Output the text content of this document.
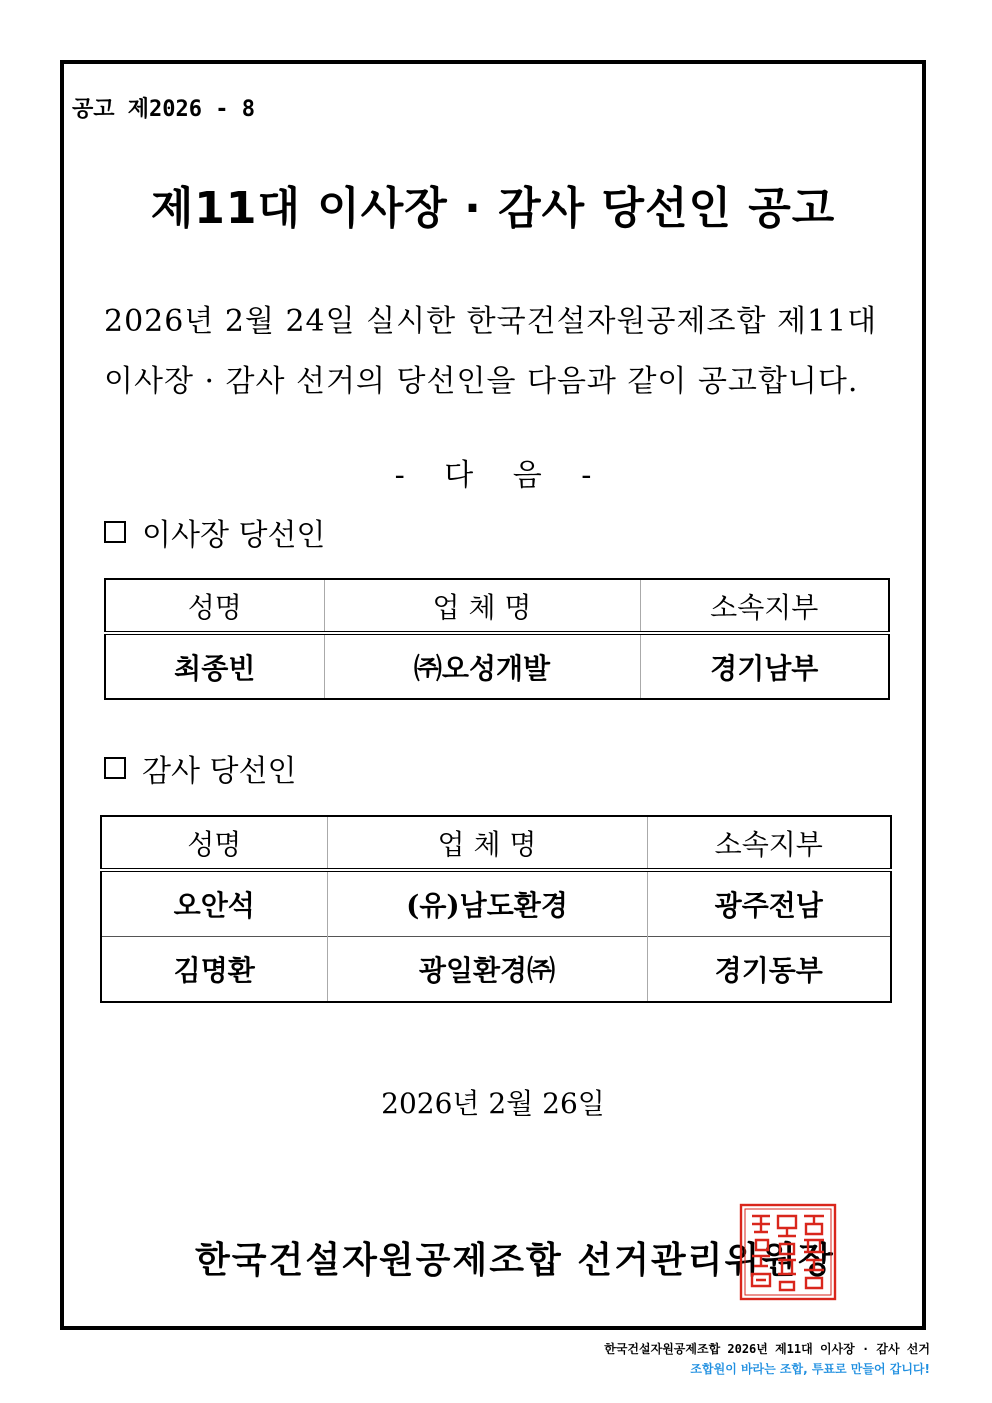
공고 제2026 - 8
제11대 이사장 · 감사 당선인 공고
2026년 2월 24일 실시한 한국건설자원공제조합 제11대
이사장 · 감사 선거의 당선인을 다음과 같이 공고합니다.
- 다 음 -
이사장 당선인
성명	업 체 명	소속지부
최종빈	㈜오성개발	경기남부
감사 당선인
성명	업 체 명	소속지부
오안석	(유)남도환경	광주전남
김명환	광일환경㈜	경기동부
2026년 2월 26일
한국건설자원공제조합 선거관리위원장
한국건설자원공제조합 2026년 제11대 이사장 · 감사 선거
조합원이 바라는 조합, 투표로 만들어 갑니다!
